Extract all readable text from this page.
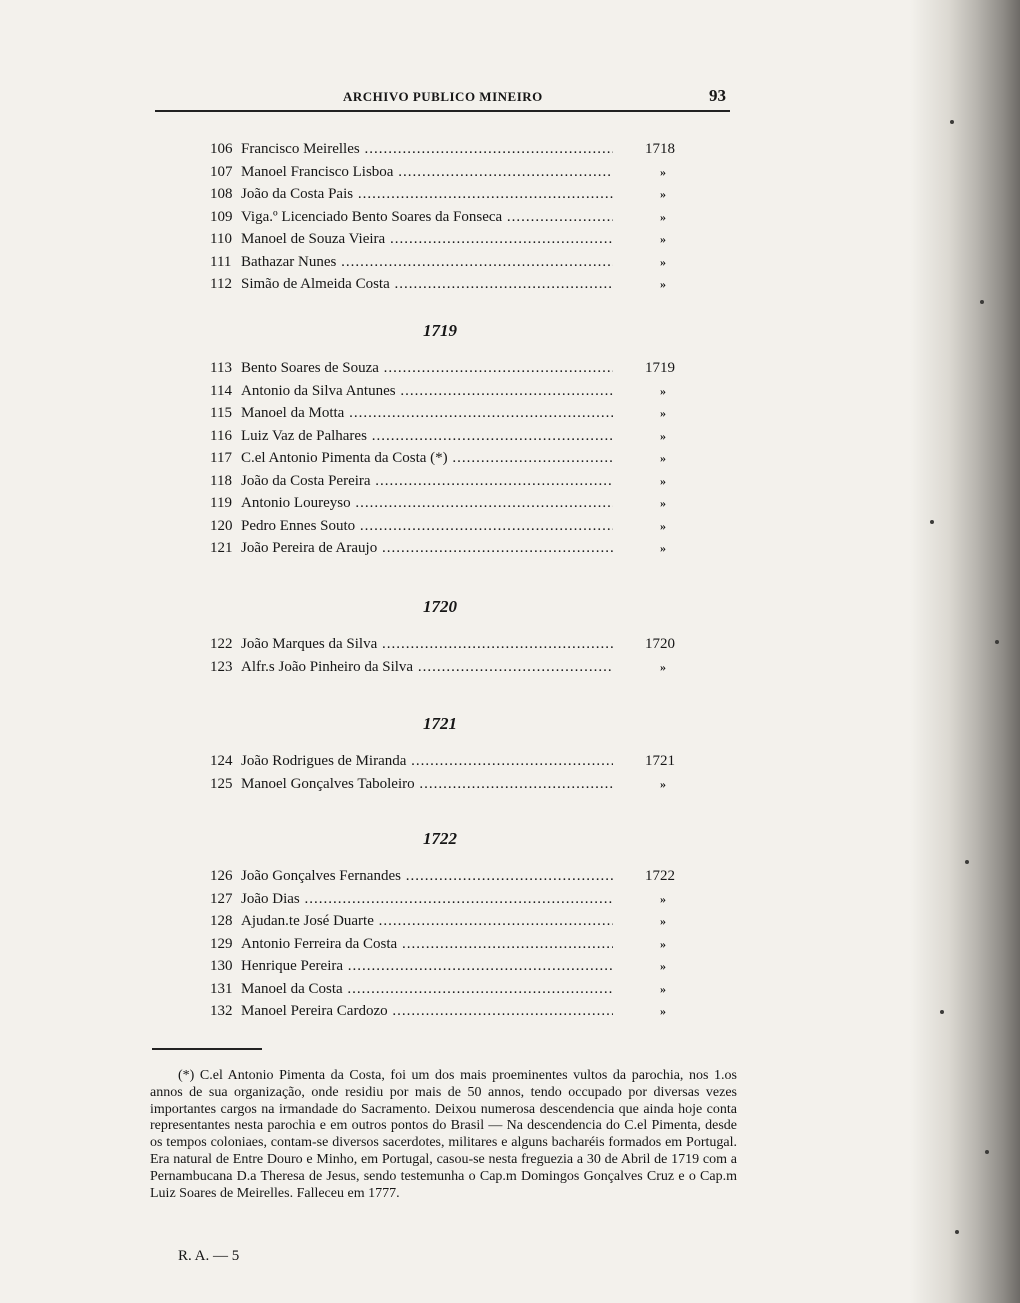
ARCHIVO PUBLICO MINEIRO	93
106 Francisco Meirelles .....	1718
107 Manoel Francisco Lisboa .....	»
108 João da Costa Pais .....	»
109 Viga.º Licenciado Bento Soares da Fonseca .....	»
110 Manoel de Souza Vieira .....	»
111 Bathazar Nunes .....	»
112 Simão de Almeida Costa .....	»
1719
113 Bento Soares de Souza .....	1719
114 Antonio da Silva Antunes .....	»
115 Manoel da Motta .....	»
116 Luiz Vaz de Palhares .....	»
117 C.el Antonio Pimenta da Costa (*) .....	»
118 João da Costa Pereira .....	»
119 Antonio Loureyso .....	»
120 Pedro Ennes Souto .....	»
121 João Pereira de Araujo .....	»
1720
122 João Marques da Silva .....	1720
123 Alfr.s João Pinheiro da Silva .....	»
1721
124 João Rodrigues de Miranda .....	1721
125 Manoel Gonçalves Taboleiro .....	»
1722
126 João Gonçalves Fernandes .....	1722
127 João Dias .....	»
128 Ajudan.te José Duarte .....	»
129 Antonio Ferreira da Costa .....	»
130 Henrique Pereira .....	»
131 Manoel da Costa .....	»
132 Manoel Pereira Cardozo .....	»
(*) C.el Antonio Pimenta da Costa, foi um dos mais proeminentes vultos da parochia, nos 1.os annos de sua organização, onde residiu por mais de 50 annos, tendo occupado por diversas vezes importantes cargos na irmandade do Sacramento. Deixou numerosa descendencia que ainda hoje conta representantes nesta parochia e em outros pontos do Brasil — Na descendencia do C.el Pimenta, desde os tempos coloniaes, contam-se diversos sacerdotes, militares e alguns bacharéis formados em Portugal. Era natural de Entre Douro e Minho, em Portugal, casou-se nesta freguezia a 30 de Abril de 1719 com a Pernambucana D.a Theresa de Jesus, sendo testemunha o Cap.m Domingos Gonçalves Cruz e o Cap.m Luiz Soares de Meirelles. Falleceu em 1777.
R. A. — 5
